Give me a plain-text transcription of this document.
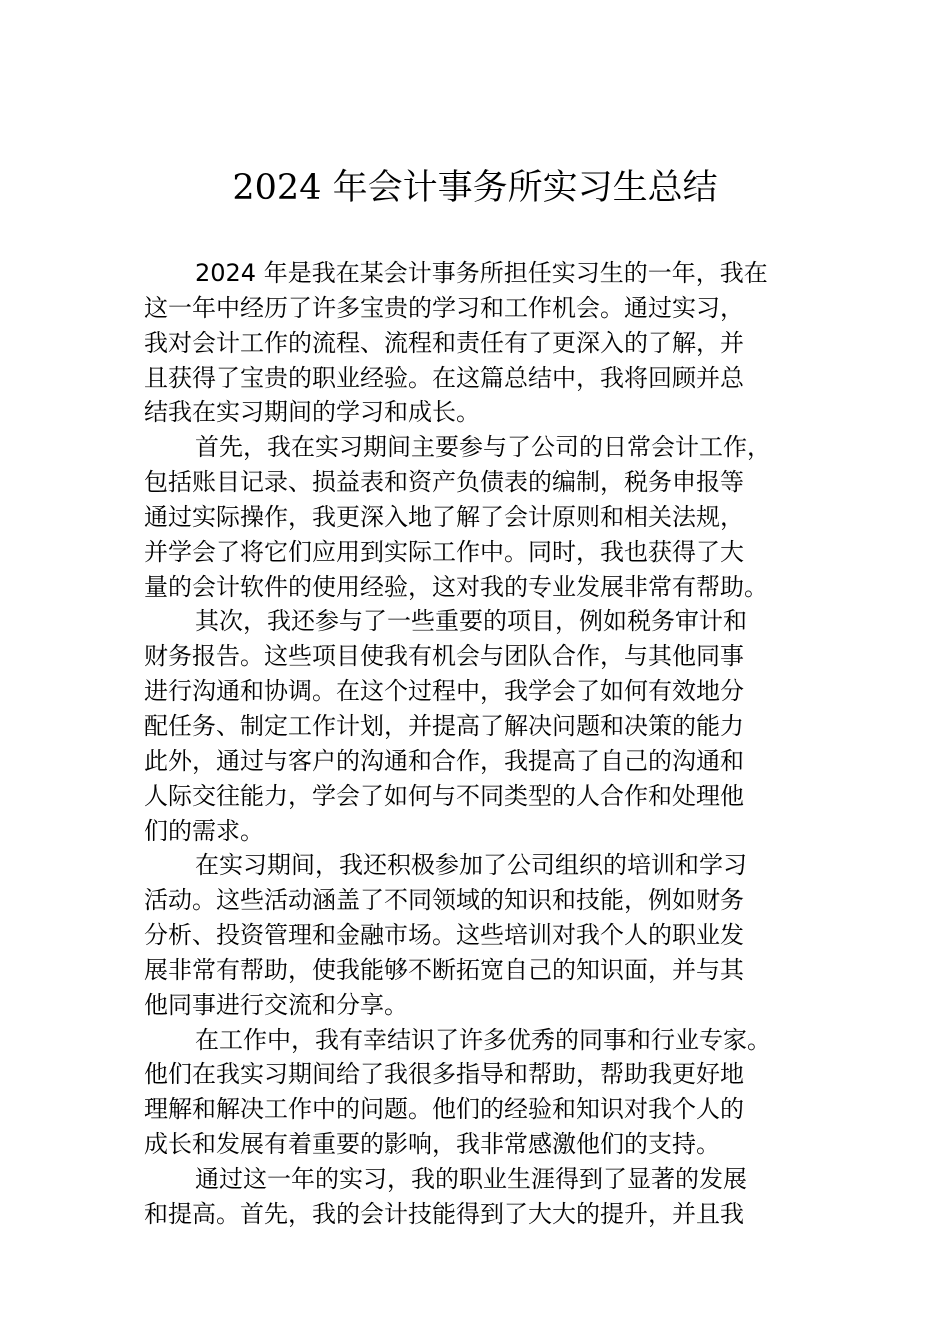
2024 年会计事务所实习生总结

2024 年是我在某会计事务所担任实习生的一年，我在
这一年中经历了许多宝贵的学习和工作机会。通过实习，
我对会计工作的流程、流程和责任有了更深入的了解，并
且获得了宝贵的职业经验。在这篇总结中，我将回顾并总
结我在实习期间的学习和成长。

首先，我在实习期间主要参与了公司的日常会计工作，
包括账目记录、损益表和资产负债表的编制，税务申报等
通过实际操作，我更深入地了解了会计原则和相关法规，
并学会了将它们应用到实际工作中。同时，我也获得了大
量的会计软件的使用经验，这对我的专业发展非常有帮助。

其次，我还参与了一些重要的项目，例如税务审计和
财务报告。这些项目使我有机会与团队合作，与其他同事
进行沟通和协调。在这个过程中，我学会了如何有效地分
配任务、制定工作计划，并提高了解决问题和决策的能力
此外，通过与客户的沟通和合作，我提高了自己的沟通和
人际交往能力，学会了如何与不同类型的人合作和处理他
们的需求。

在实习期间，我还积极参加了公司组织的培训和学习
活动。这些活动涵盖了不同领域的知识和技能，例如财务
分析、投资管理和金融市场。这些培训对我个人的职业发
展非常有帮助，使我能够不断拓宽自己的知识面，并与其
他同事进行交流和分享。

在工作中，我有幸结识了许多优秀的同事和行业专家。
他们在我实习期间给了我很多指导和帮助，帮助我更好地
理解和解决工作中的问题。他们的经验和知识对我个人的
成长和发展有着重要的影响，我非常感激他们的支持。

通过这一年的实习，我的职业生涯得到了显著的发展
和提高。首先，我的会计技能得到了大大的提升，并且我
